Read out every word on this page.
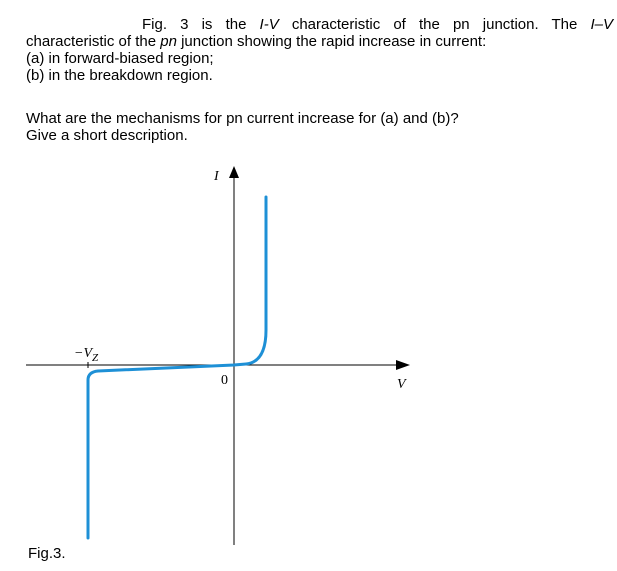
Fig. 3 is the I-V characteristic of the pn junction. The I–V
characteristic of the pn junction showing the rapid increase in current:
(a) in forward-biased region;
(b) in the breakdown region.
What are the mechanisms for pn current increase for (a) and (b)?
Give a short description.
I
V
0
$-V_Z$
Fig.3.
